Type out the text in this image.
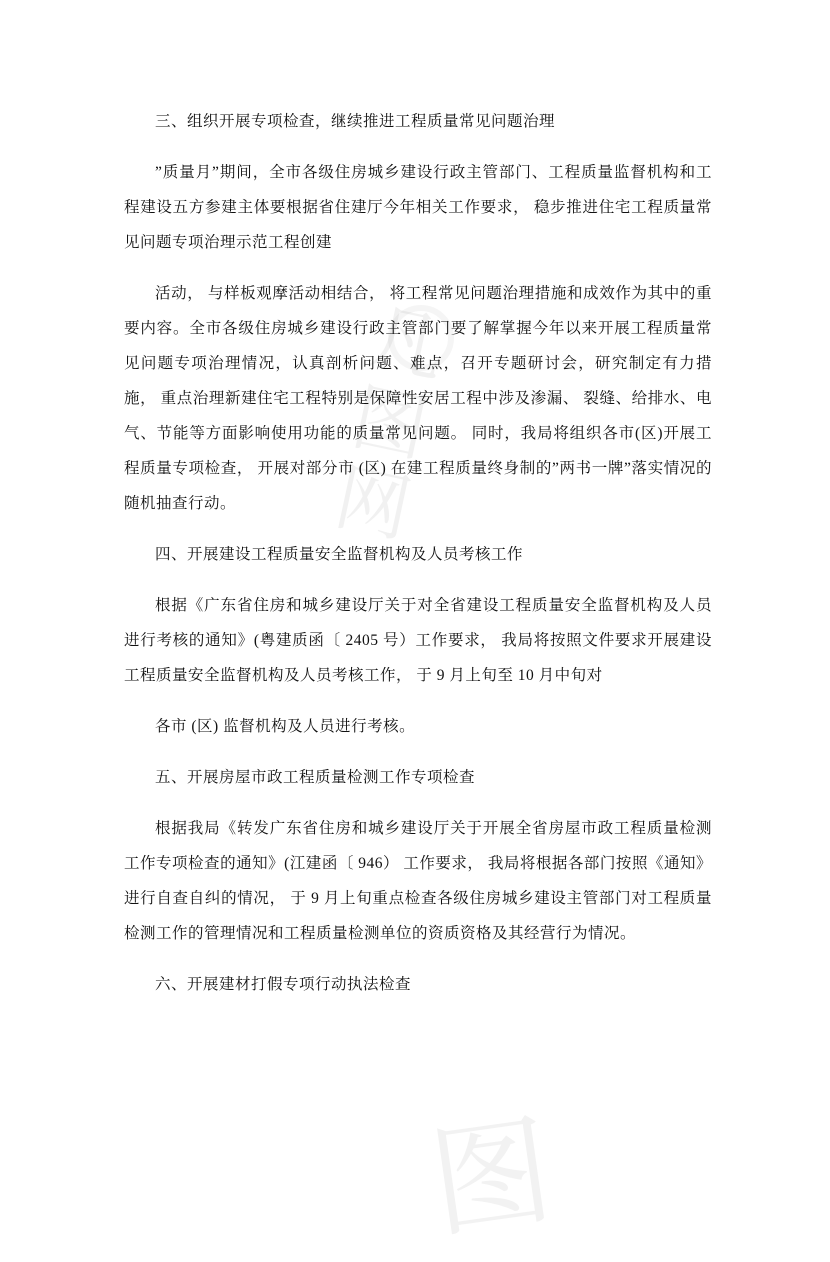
凡图网
图
三、组织开展专项检查，继续推进工程质量常见问题治理
”质量月”期间，全市各级住房城乡建设行政主管部门、工程质量监督机构和工程建设五方参建主体要根据省住建厅今年相关工作要求， 稳步推进住宅工程质量常见问题专项治理示范工程创建
活动， 与样板观摩活动相结合， 将工程常见问题治理措施和成效作为其中的重要内容。全市各级住房城乡建设行政主管部门要了解掌握今年以来开展工程质量常见问题专项治理情况，认真剖析问题、难点，召开专题研讨会，研究制定有力措施， 重点治理新建住宅工程特别是保障性安居工程中涉及渗漏、 裂缝、给排水、电气、节能等方面影响使用功能的质量常见问题。 同时，我局将组织各市(区)开展工程质量专项检查， 开展对部分市 (区) 在建工程质量终身制的”两书一牌”落实情况的随机抽查行动。
四、开展建设工程质量安全监督机构及人员考核工作
根据《广东省住房和城乡建设厅关于对全省建设工程质量安全监督机构及人员进行考核的通知》(粤建质函〔 2405 号）工作要求， 我局将按照文件要求开展建设工程质量安全监督机构及人员考核工作， 于 9 月上旬至 10 月中旬对
各市 (区) 监督机构及人员进行考核。
五、开展房屋市政工程质量检测工作专项检查
根据我局《转发广东省住房和城乡建设厅关于开展全省房屋市政工程质量检测工作专项检查的通知》(江建函〔 946） 工作要求， 我局将根据各部门按照《通知》 进行自查自纠的情况， 于 9 月上旬重点检查各级住房城乡建设主管部门对工程质量检测工作的管理情况和工程质量检测单位的资质资格及其经营行为情况。
六、开展建材打假专项行动执法检查
